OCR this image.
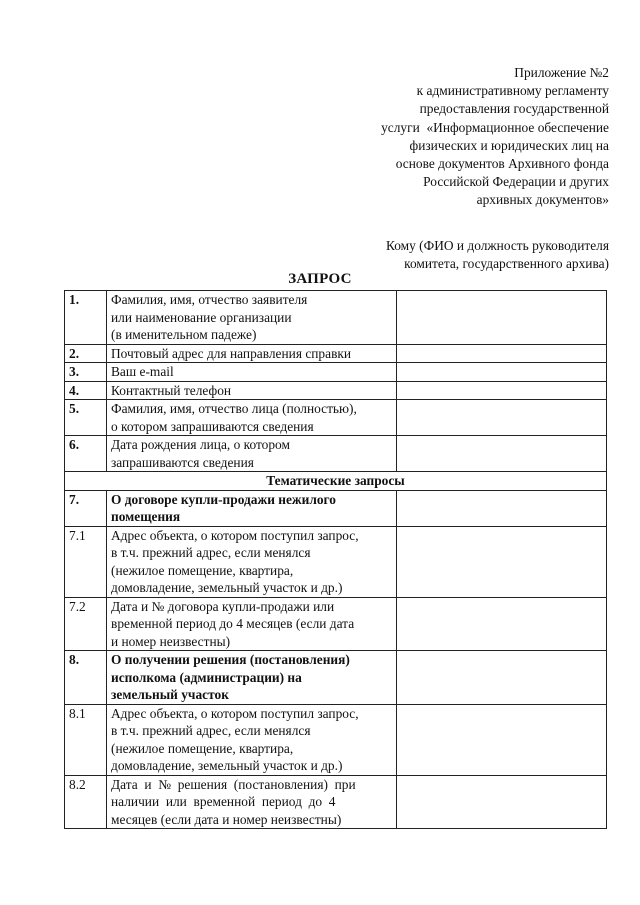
Приложение №2
к административному регламенту
предоставления государственной
услуги  «Информационное обеспечение
физических и юридических лиц на
основе документов Архивного фонда
Российской Федерации и других
архивных документов»
Кому (ФИО и должность руководителя
комитета, государственного архива)
ЗАПРОС
1.	Фамилия, имя, отчество заявителя
или наименование организации
(в именительном падеже)	

2.	Почтовый адрес для направления справки	

3.	Ваш e-mail	

4.	Контактный телефон	

5.	Фамилия, имя, отчество лица (полностью),
о котором запрашиваются сведения	

6.	Дата рождения лица, о котором
запрашиваются сведения	

Тематические запросы		
7.	О договоре купли-продажи нежилого
помещения	

7.1	Адрес объекта, о котором поступил запрос,
в т.ч. прежний адрес, если менялся
(нежилое помещение, квартира,
домовладение, земельный участок и др.)	

7.2	Дата и № договора купли-продажи или
временной период до 4 месяцев (если дата
и номер неизвестны)	

8.	О получении решения (постановления)
исполкома (администрации) на
земельный участок	

8.1	Адрес объекта, о котором поступил запрос,
в т.ч. прежний адрес, если менялся
(нежилое помещение, квартира,
домовладение, земельный участок и др.)	

8.2	Дата  и  №  решения  (постановления)  при
наличии  или  временной  период  до  4
месяцев (если дата и номер неизвестны)	
